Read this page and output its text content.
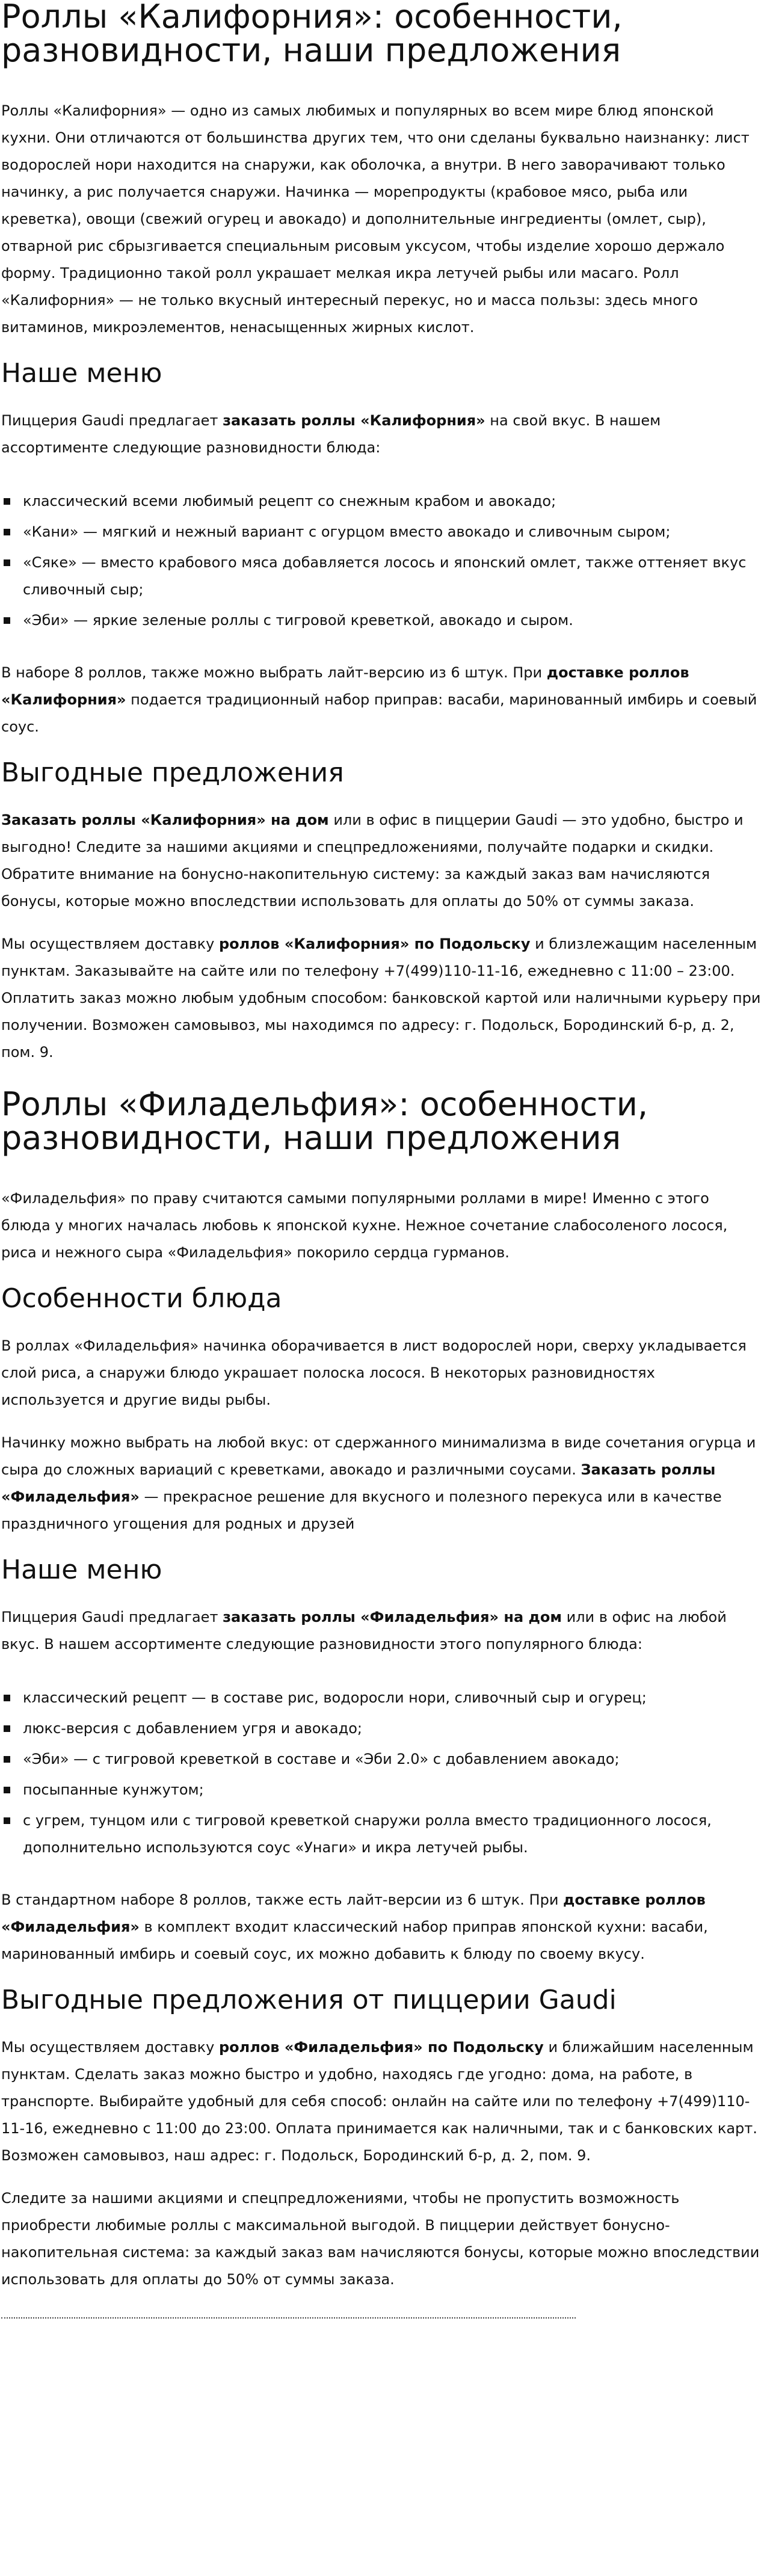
Роллы «Калифорния»: особенности, разновидности, наши предложения

Роллы «Калифорния» — одно из самых любимых и популярных во всем мире блюд японской кухни. Они отличаются от большинства других тем, что они сделаны буквально наизнанку: лист водорослей нори находится на снаружи, как оболочка, а внутри. В него заворачивают только начинку, а рис получается снаружи. Начинка — морепродукты (крабовое мясо, рыба или креветка), овощи (свежий огурец и авокадо) и дополнительные ингредиенты (омлет, сыр), отварной рис сбрызгивается специальным рисовым уксусом, чтобы изделие хорошо держало форму. Традиционно такой ролл украшает мелкая икра летучей рыбы или масаго. Ролл «Калифорния» — не только вкусный интересный перекус, но и масса пользы: здесь много витаминов, микроэлементов, ненасыщенных жирных кислот.

Наше меню

Пиццерия Gaudi предлагает заказать роллы «Калифорния» на свой вкус. В нашем ассортименте следующие разновидности блюда:

классический всеми любимый рецепт со снежным крабом и авокадо;
«Кани» — мягкий и нежный вариант с огурцом вместо авокадо и сливочным сыром;
«Сяке» — вместо крабового мяса добавляется лосось и японский омлет, также оттеняет вкус сливочный сыр;
«Эби» — яркие зеленые роллы с тигровой креветкой, авокадо и сыром.

В наборе 8 роллов, также можно выбрать лайт-версию из 6 штук. При доставке роллов «Калифорния» подается традиционный набор приправ: васаби, маринованный имбирь и соевый соус.

Выгодные предложения

Заказать роллы «Калифорния» на дом или в офис в пиццерии Gaudi — это удобно, быстро и выгодно! Следите за нашими акциями и спецпредложениями, получайте подарки и скидки. Обратите внимание на бонусно-накопительную систему: за каждый заказ вам начисляются бонусы, которые можно впоследствии использовать для оплаты до 50% от суммы заказа.

Мы осуществляем доставку роллов «Калифорния» по Подольску и близлежащим населенным пунктам. Заказывайте на сайте или по телефону +7(499)110-11-16, ежедневно с 11:00 – 23:00. Оплатить заказ можно любым удобным способом: банковской картой или наличными курьеру при получении. Возможен самовывоз, мы находимся по адресу: г. Подольск, Бородинский б-р, д. 2, пом. 9.

Роллы «Филадельфия»: особенности, разновидности, наши предложения

«Филадельфия» по праву считаются самыми популярными роллами в мире! Именно с этого блюда у многих началась любовь к японской кухне. Нежное сочетание слабосоленого лосося, риса и нежного сыра «Филадельфия» покорило сердца гурманов.

Особенности блюда

В роллах «Филадельфия» начинка оборачивается в лист водорослей нори, сверху укладывается слой риса, а снаружи блюдо украшает полоска лосося. В некоторых разновидностях используется и другие виды рыбы.

Начинку можно выбрать на любой вкус: от сдержанного минимализма в виде сочетания огурца и сыра до сложных вариаций с креветками, авокадо и различными соусами. Заказать роллы «Филадельфия» — прекрасное решение для вкусного и полезного перекуса или в качестве праздничного угощения для родных и друзей

Наше меню

Пиццерия Gaudi предлагает заказать роллы «Филадельфия» на дом или в офис на любой вкус. В нашем ассортименте следующие разновидности этого популярного блюда:

классический рецепт — в составе рис, водоросли нори, сливочный сыр и огурец;
люкс-версия с добавлением угря и авокадо;
«Эби» — с тигровой креветкой в составе и «Эби 2.0» с добавлением авокадо;
посыпанные кунжутом;
с угрем, тунцом или с тигровой креветкой снаружи ролла вместо традиционного лосося, дополнительно используются соус «Унаги» и икра летучей рыбы.

В стандартном наборе 8 роллов, также есть лайт-версии из 6 штук. При доставке роллов «Филадельфия» в комплект входит классический набор приправ японской кухни: васаби, маринованный имбирь и соевый соус, их можно добавить к блюду по своему вкусу.

Выгодные предложения от пиццерии Gaudi

Мы осуществляем доставку роллов «Филадельфия» по Подольску и ближайшим населенным пунктам. Сделать заказ можно быстро и удобно, находясь где угодно: дома, на работе, в транспорте. Выбирайте удобный для себя способ: онлайн на сайте или по телефону +7(499)110-11-16, ежедневно с 11:00 до 23:00. Оплата принимается как наличными, так и с банковских карт. Возможен самовывоз, наш адрес: г. Подольск, Бородинский б-р, д. 2, пом. 9.

Следите за нашими акциями и спецпредложениями, чтобы не пропустить возможность приобрести любимые роллы с максимальной выгодой. В пиццерии действует бонусно-накопительная система: за каждый заказ вам начисляются бонусы, которые можно впоследствии использовать для оплаты до 50% от суммы заказа.
